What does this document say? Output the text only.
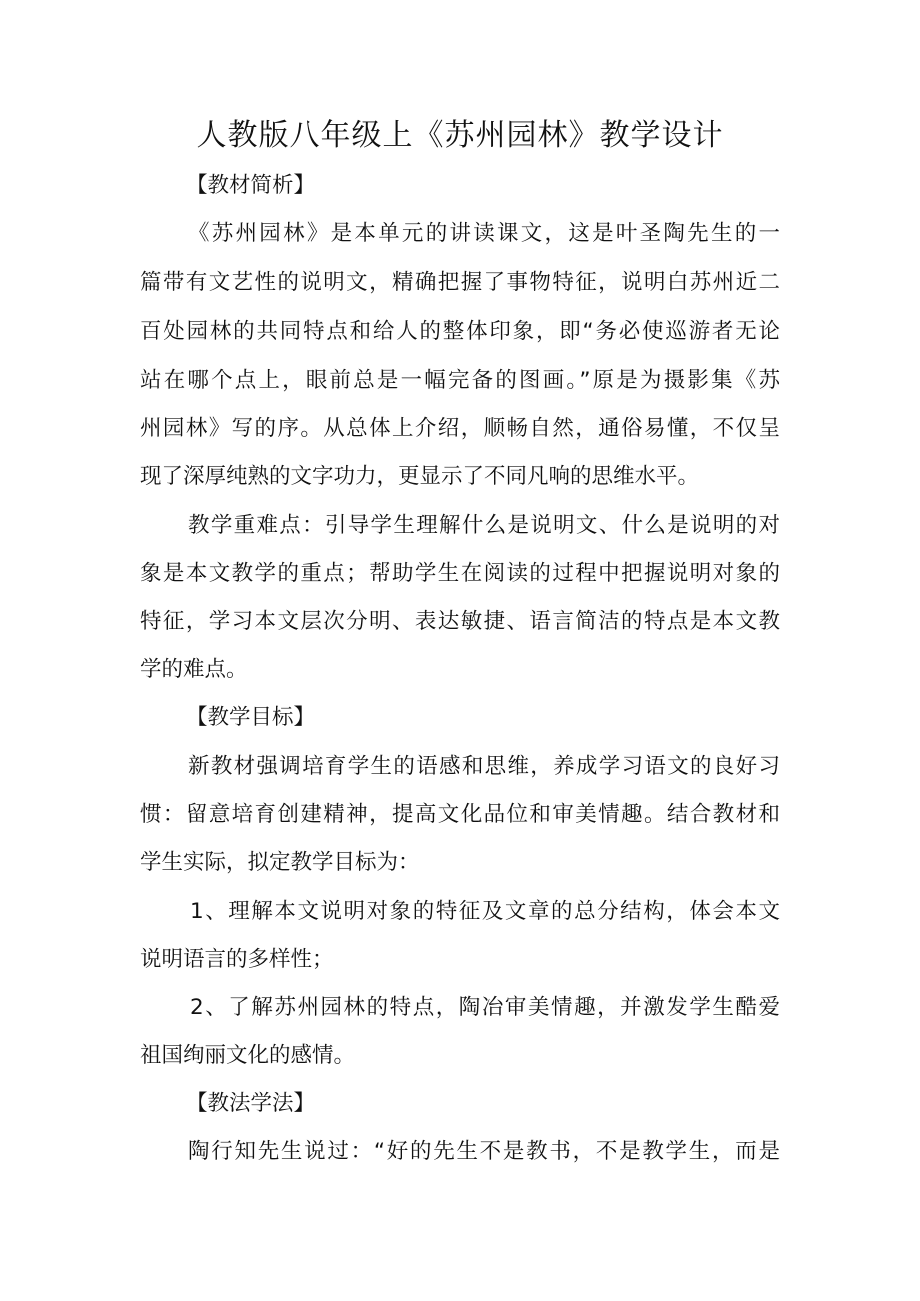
人教版八年级上《苏州园林》教学设计

【教材简析】

《苏州园林》是本单元的讲读课文，这是叶圣陶先生的一

篇带有文艺性的说明文，精确把握了事物特征，说明白苏州近二

百处园林的共同特点和给人的整体印象，即“务必使巡游者无论

站在哪个点上，眼前总是一幅完备的图画。”原是为摄影集《苏

州园林》写的序。从总体上介绍，顺畅自然，通俗易懂，不仅呈

现了深厚纯熟的文字功力，更显示了不同凡响的思维水平。

教学重难点：引导学生理解什么是说明文、什么是说明的对

象是本文教学的重点；帮助学生在阅读的过程中把握说明对象的

特征，学习本文层次分明、表达敏捷、语言简洁的特点是本文教

学的难点。

【教学目标】

新教材强调培育学生的语感和思维，养成学习语文的良好习

惯：留意培育创建精神，提高文化品位和审美情趣。结合教材和

学生实际，拟定教学目标为：

1、理解本文说明对象的特征及文章的总分结构，体会本文

说明语言的多样性；

2、了解苏州园林的特点，陶冶审美情趣，并激发学生酷爱

祖国绚丽文化的感情。

【教法学法】

陶行知先生说过：“好的先生不是教书，不是教学生，而是
